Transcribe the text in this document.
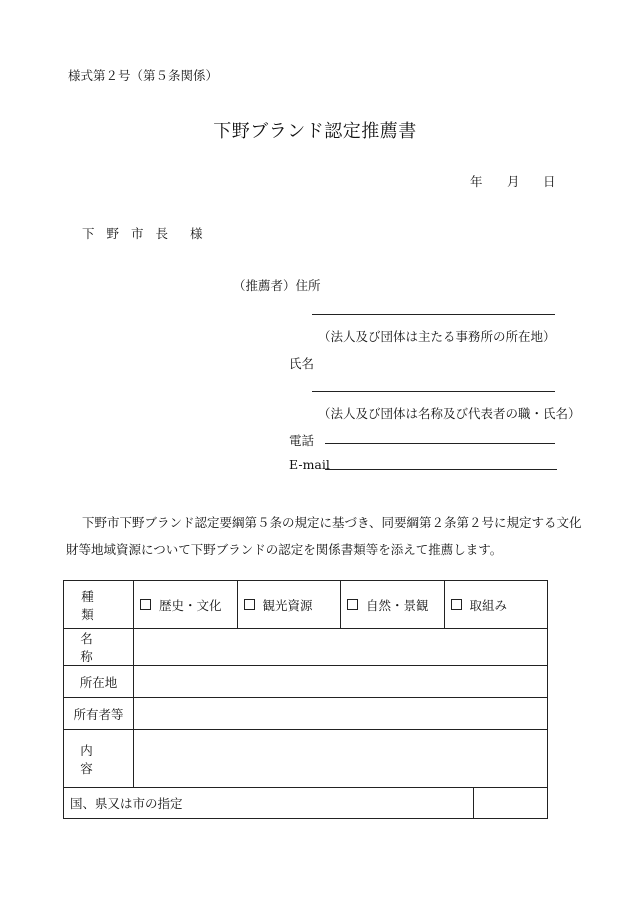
様式第２号（第５条関係）
下野ブランド認定推薦書
年 月 日
下野市長 様
（推薦者）住所
（法人及び団体は主たる事務所の所在地）
氏名
（法人及び団体は名称及び代表者の職・氏名）
電話
E-mail
下野市下野ブランド認定要綱第５条の規定に基づき、同要綱第２条第２号に規定する文化
財等地域資源について下野ブランドの認定を関係書類等を添えて推薦します。
種類	歴史・文化 観光資源 自然・景観 取組み	

名称		
所在地		
所有者等		
内容		
国、県又は市の指定		
